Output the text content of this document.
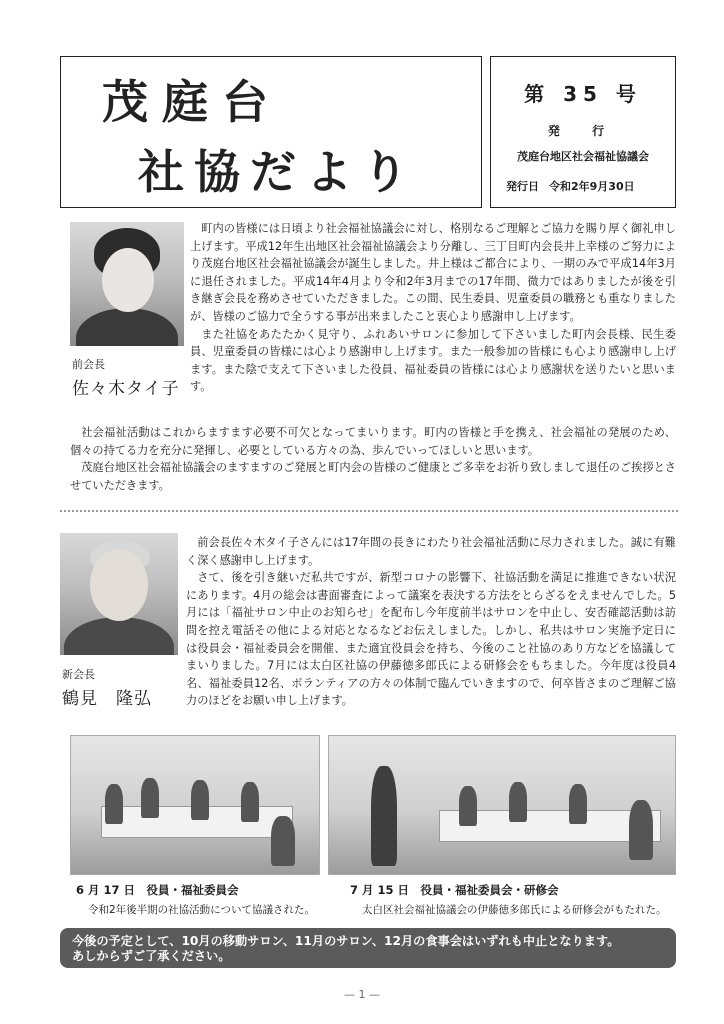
茂庭台
社協だより
第 35 号
発 行
茂庭台地区社会福祉協議会
発行日 令和2年9月30日
前会長
佐々木タイ子

町内の皆様には日頃より社会福祉協議会に対し、格別なるご理解とご協力を賜り厚く御礼申し上げます。平成12年生出地区社会福祉協議会より分離し、三丁目町内会長井上幸様のご努力により茂庭台地区社会福祉協議会が誕生しました。井上様はご都合により、一期のみで平成14年3月に退任されました。平成14年4月より令和2年3月までの17年間、微力ではありましたが後を引き継ぎ会長を務めさせていただきました。この間、民生委員、児童委員の職務とも重なりましたが、皆様のご協力で全うする事が出来ましたこと衷心より感謝申し上げます。

また社協をあたたかく見守り、ふれあいサロンに参加して下さいました町内会長様、民生委員、児童委員の皆様には心より感謝申し上げます。また一般参加の皆様にも心より感謝申し上げます。また陰で支えて下さいました役員、福祉委員の皆様には心より感謝状を送りたいと思います。

社会福祉活動はこれからますます必要不可欠となってまいります。町内の皆様と手を携え、社会福祉の発展のため、個々の持てる力を充分に発揮し、必要としている方々の為、歩んでいってほしいと思います。

茂庭台地区社会福祉協議会のますますのご発展と町内会の皆様のご健康とご多幸をお祈り致しまして退任のご挨拶とさせていただきます。

新会長
鶴見　隆弘

前会長佐々木タイ子さんには17年間の長きにわたり社会福祉活動に尽力されました。誠に有難く深く感謝申し上げます。

さて、後を引き継いだ私共ですが、新型コロナの影響下、社協活動を満足に推進できない状況にあります。4月の総会は書面審査によって議案を表決する方法をとらざるをえませんでした。5月には「福祉サロン中止のお知らせ」を配布し今年度前半はサロンを中止し、安否確認活動は訪問を控え電話その他による対応となるなどお伝えしました。しかし、私共はサロン実施予定日には役員会・福祉委員会を開催、また適宜役員会を持ち、今後のこと社協のあり方などを協議してまいりました。7月には太白区社協の伊藤徳多郎氏による研修会をもちました。今年度は役員4名、福祉委員12名、ボランティアの方々の体制で臨んでいきますので、何卒皆さまのご理解ご協力のほどをお願い申し上げます。

6 月 17 日　役員・福祉委員会
令和2年後半期の社協活動について協議された。
7 月 15 日　役員・福祉委員会・研修会
太白区社会福祉協議会の伊藤徳多郎氏による研修会がもたれた。
今後の予定として、10月の移動サロン、11月のサロン、12月の食事会はいずれも中止となります。
あしからずご了承ください。
— 1 —
